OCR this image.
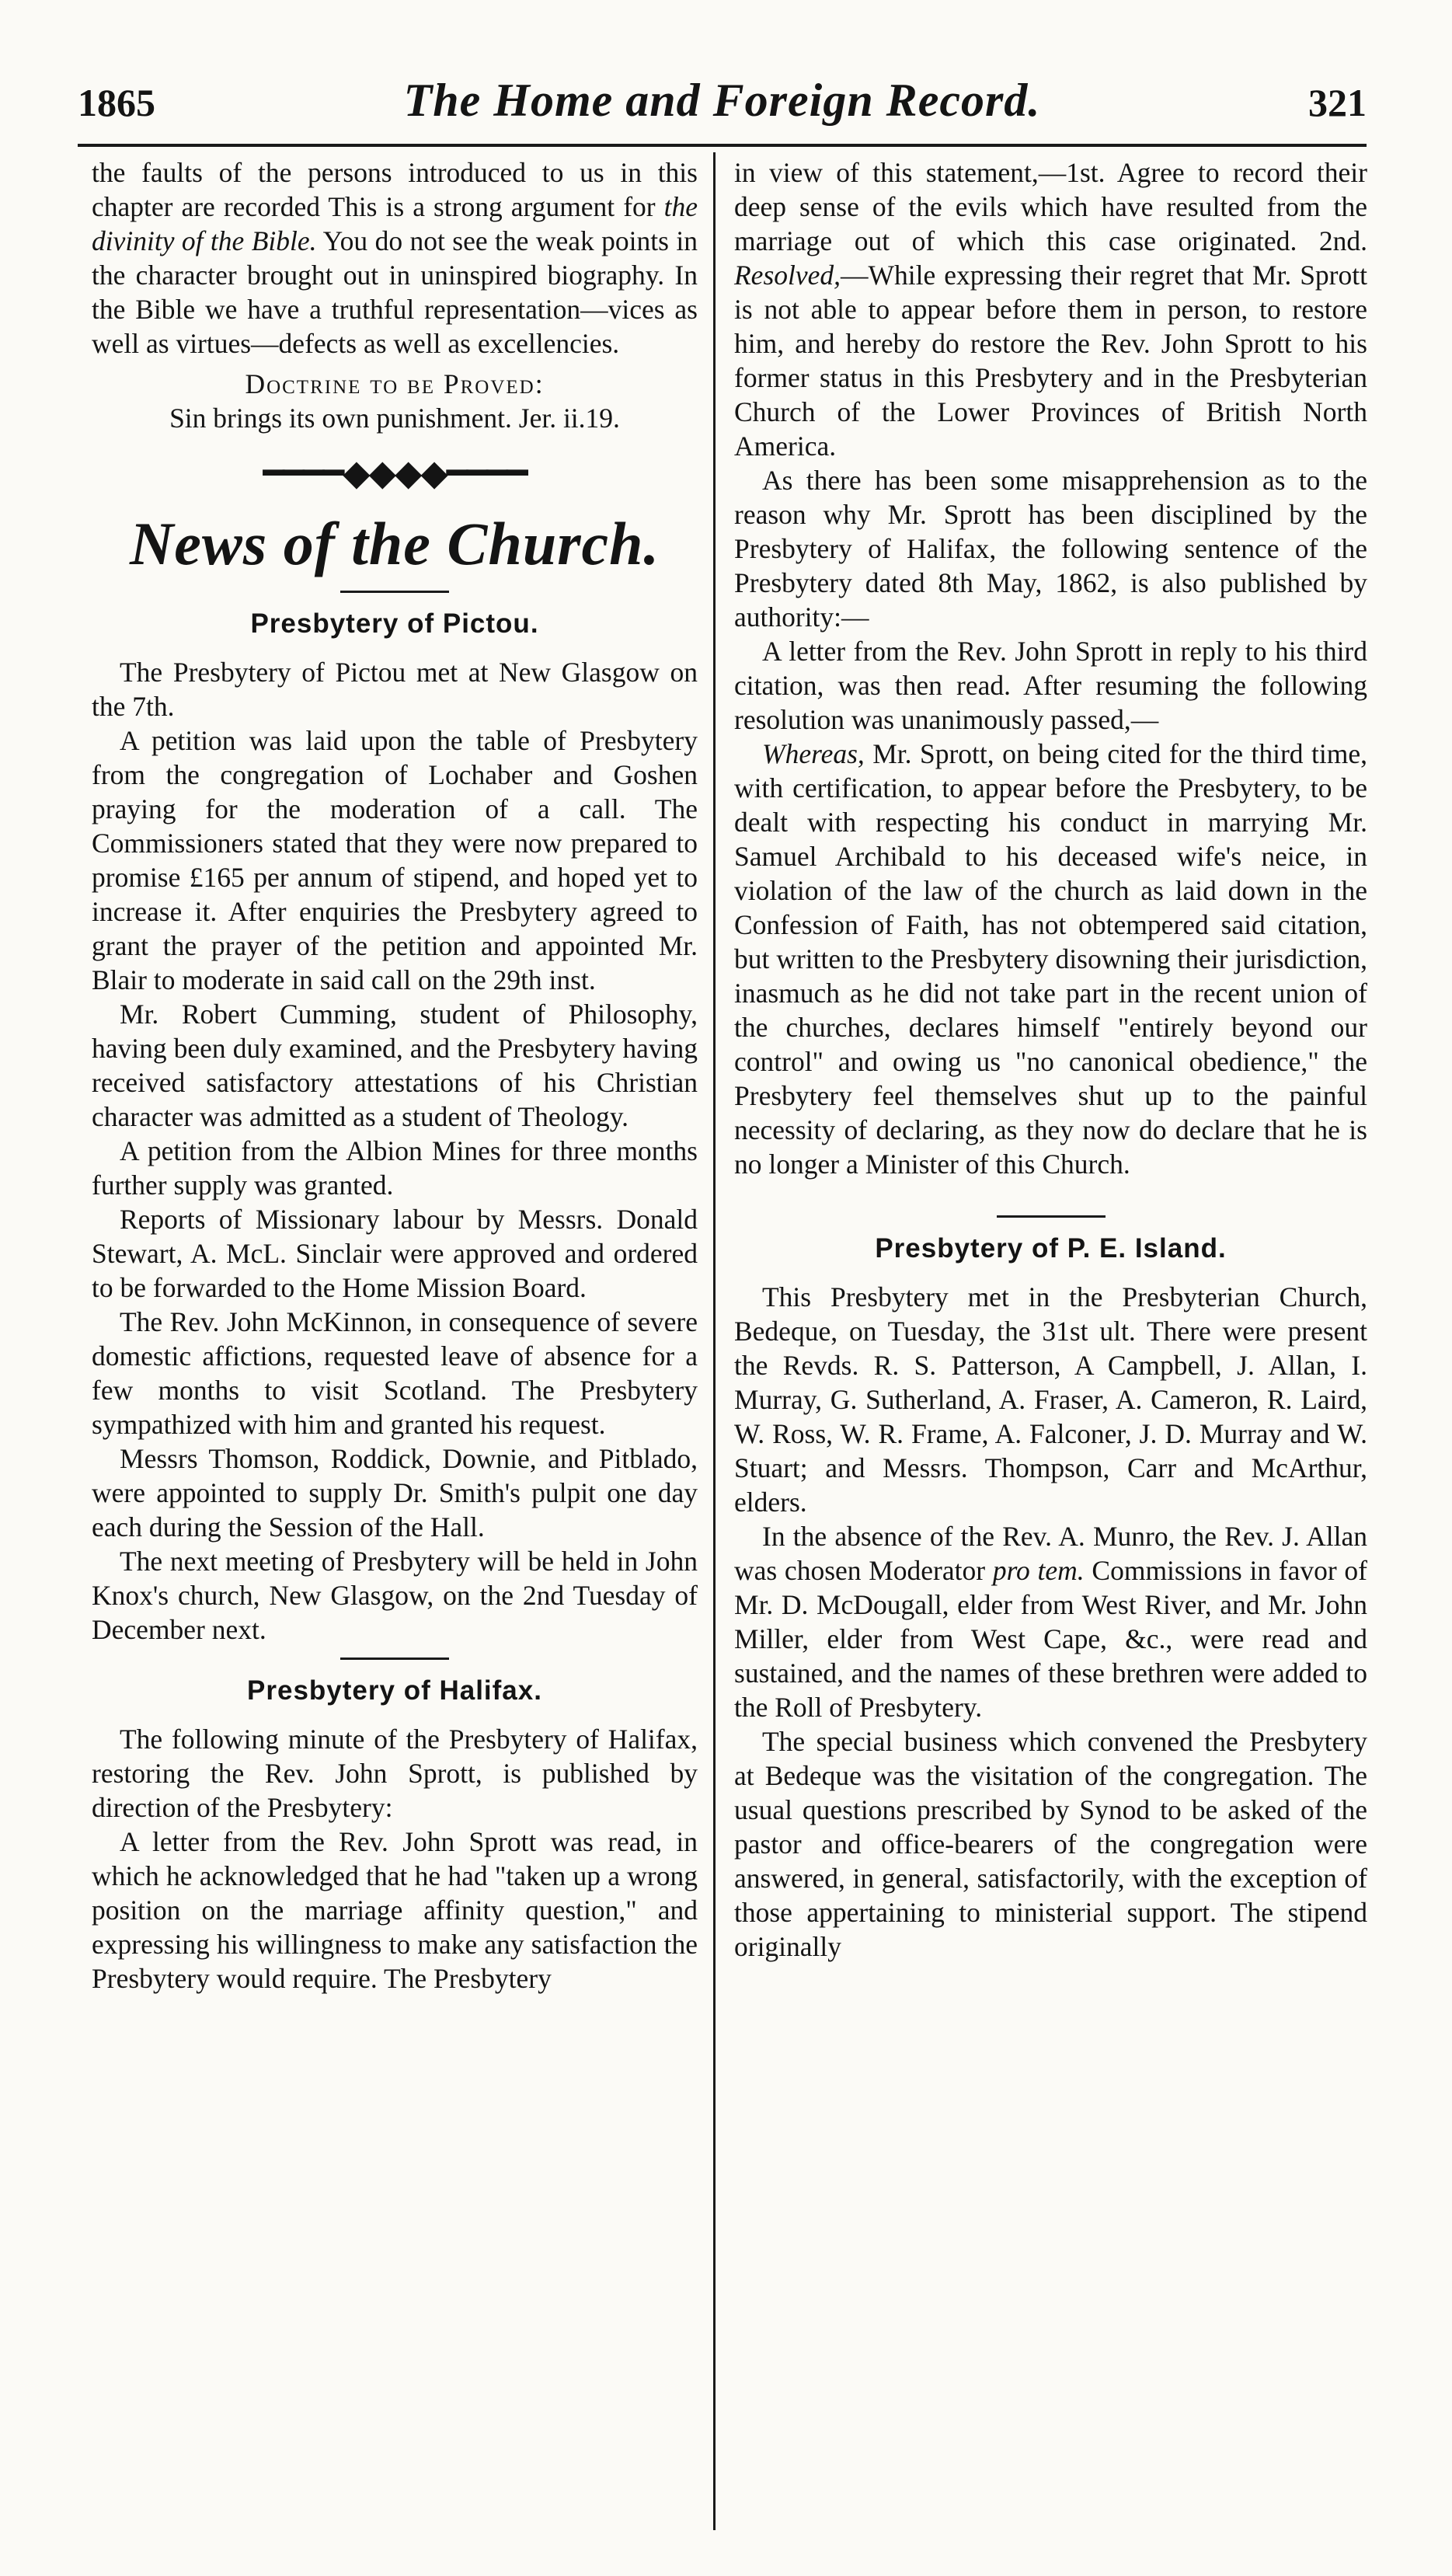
1865	The Home and Foreign Record.	321

the faults of the persons introduced to us in this chapter are recorded This is a strong argument for the divinity of the Bible. You do not see the weak points in the character brought out in uninspired biography. In the Bible we have a truthful representation—vices as well as virtues—defects as well as excellencies.

Doctrine to be Proved:

Sin brings its own punishment. Jer. ii.19.

━━━━◆◆◆◆━━━━
News of the Church.
Presbytery of Pictou.

The Presbytery of Pictou met at New Glasgow on the 7th.

A petition was laid upon the table of Presbytery from the congregation of Lochaber and Goshen praying for the moderation of a call. The Commissioners stated that they were now prepared to promise £165 per annum of stipend, and hoped yet to increase it. After enquiries the Presbytery agreed to grant the prayer of the petition and appointed Mr. Blair to moderate in said call on the 29th inst.

Mr. Robert Cumming, student of Philosophy, having been duly examined, and the Presbytery having received satisfactory attestations of his Christian character was admitted as a student of Theology.

A petition from the Albion Mines for three months further supply was granted.

Reports of Missionary labour by Messrs. Donald Stewart, A. McL. Sinclair were approved and ordered to be forwarded to the Home Mission Board.

The Rev. John McKinnon, in consequence of severe domestic affictions, requested leave of absence for a few months to visit Scotland. The Presbytery sympathized with him and granted his request.

Messrs Thomson, Roddick, Downie, and Pitblado, were appointed to supply Dr. Smith's pulpit one day each during the Session of the Hall.

The next meeting of Presbytery will be held in John Knox's church, New Glasgow, on the 2nd Tuesday of December next.

Presbytery of Halifax.

The following minute of the Presbytery of Halifax, restoring the Rev. John Sprott, is published by direction of the Presbytery:

A letter from the Rev. John Sprott was read, in which he acknowledged that he had "taken up a wrong position on the marriage affinity question," and expressing his willingness to make any satisfaction the Presbytery would require. The Presbytery

in view of this statement,—1st. Agree to record their deep sense of the evils which have resulted from the marriage out of which this case originated. 2nd. Resolved,—While expressing their regret that Mr. Sprott is not able to appear before them in person, to restore him, and hereby do restore the Rev. John Sprott to his former status in this Presbytery and in the Presbyterian Church of the Lower Provinces of British North America.

As there has been some misapprehension as to the reason why Mr. Sprott has been disciplined by the Presbytery of Halifax, the following sentence of the Presbytery dated 8th May, 1862, is also published by authority:—

A letter from the Rev. John Sprott in reply to his third citation, was then read. After resuming the following resolution was unanimously passed,—

Whereas, Mr. Sprott, on being cited for the third time, with certification, to appear before the Presbytery, to be dealt with respecting his conduct in marrying Mr. Samuel Archibald to his deceased wife's neice, in violation of the law of the church as laid down in the Confession of Faith, has not obtempered said citation, but written to the Presbytery disowning their jurisdiction, inasmuch as he did not take part in the recent union of the churches, declares himself "entirely beyond our control" and owing us "no canonical obedience," the Presbytery feel themselves shut up to the painful necessity of declaring, as they now do declare that he is no longer a Minister of this Church.

Presbytery of P. E. Island.

This Presbytery met in the Presbyterian Church, Bedeque, on Tuesday, the 31st ult. There were present the Revds. R. S. Patterson, A Campbell, J. Allan, I. Murray, G. Sutherland, A. Fraser, A. Cameron, R. Laird, W. Ross, W. R. Frame, A. Falconer, J. D. Murray and W. Stuart; and Messrs. Thompson, Carr and McArthur, elders.

In the absence of the Rev. A. Munro, the Rev. J. Allan was chosen Moderator pro tem. Commissions in favor of Mr. D. McDougall, elder from West River, and Mr. John Miller, elder from West Cape, &c., were read and sustained, and the names of these brethren were added to the Roll of Presbytery.

The special business which convened the Presbytery at Bedeque was the visitation of the congregation. The usual questions prescribed by Synod to be asked of the pastor and office-bearers of the congregation were answered, in general, satisfactorily, with the exception of those appertaining to ministerial support. The stipend originally
